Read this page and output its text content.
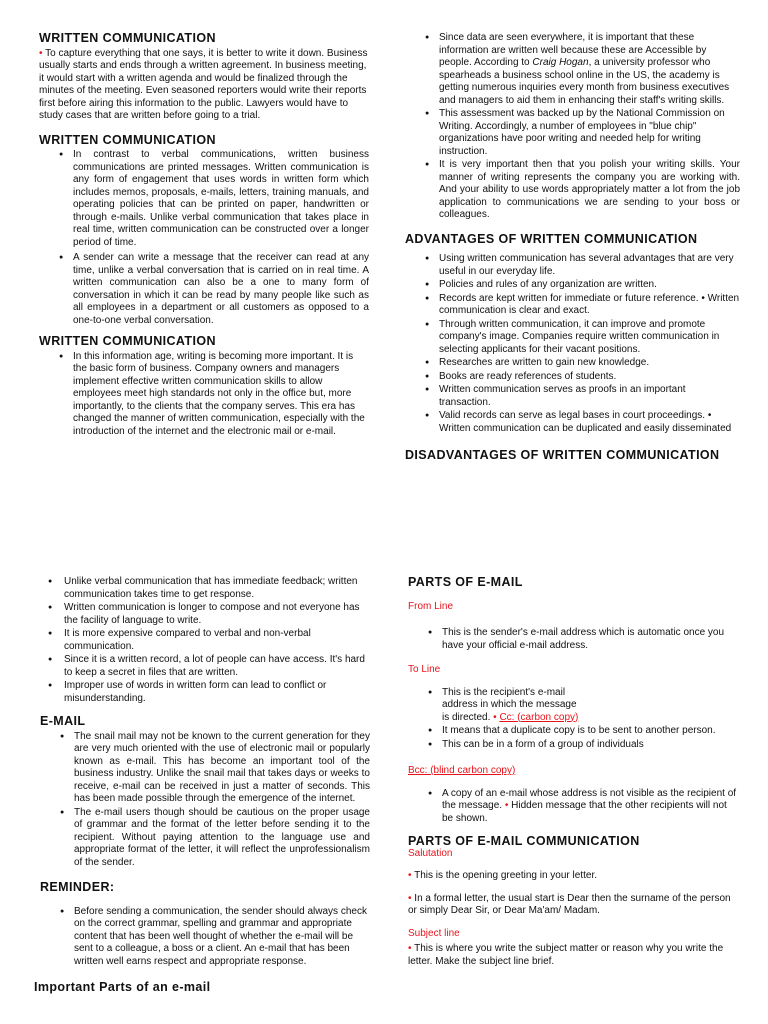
WRITTEN COMMUNICATION

• To capture everything that one says, it is better to write it down. Business usually starts and ends through a written agreement. In business meeting, it would start with a written agenda and would be finalized through the minutes of the meeting. Even seasoned reporters would write their reports first before airing this information to the public. Lawyers would have to study cases that are written before going to a trial.

WRITTEN COMMUNICATION
● In contrast to verbal communications, written business communications are printed messages. Written communication is any form of engagement that uses words in written form which includes memos, proposals, e-mails, letters, training manuals, and operating policies that can be printed on paper, handwritten or through e-mails. Unlike verbal communication that takes place in real time, written communication can be constructed over a longer period of time.
● A sender can write a message that the receiver can read at any time, unlike a verbal conversation that is carried on in real time. A written communication can also be a one to many form of conversation in which it can be read by many people like such as all employees in a department or all customers as opposed to a one-to-one verbal conversation.
WRITTEN COMMUNICATION
● In this information age, writing is becoming more important. It is the basic form of business. Company owners and managers implement effective written communication skills to allow employees meet high standards not only in the office but, more importantly, to the clients that the company serves. This era has changed the manner of written communication, especially with the introduction of the internet and the electronic mail or e-mail.
● Since data are seen everywhere, it is important that these information are written well because these are Accessible by people. According to Craig Hogan, a university professor who spearheads a business school online in the US, the academy is getting numerous inquiries every month from business executives and managers to aid them in enhancing their staff's writing skills.
● This assessment was backed up by the National Commission on Writing. Accordingly, a number of employees in "blue chip" organizations have poor writing and needed help for writing instruction.
● It is very important then that you polish your writing skills. Your manner of writing represents the company you are working with. And your ability to use words appropriately matter a lot from the job application to communications we are sending to your boss or colleagues.
ADVANTAGES OF WRITTEN COMMUNICATION
● Using written communication has several advantages that are very useful in our everyday life.
● Policies and rules of any organization are written.
● Records are kept written for immediate or future reference. • Written communication is clear and exact.
● Through written communication, it can improve and promote company's image. Companies require written communication in selecting applicants for their vacant positions.
● Researches are written to gain new knowledge.
● Books are ready references of students.
● Written communication serves as proofs in an important transaction.
● Valid records can serve as legal bases in court proceedings. • Written communication can be duplicated and easily disseminated
DISADVANTAGES OF WRITTEN COMMUNICATION
● Unlike verbal communication that has immediate feedback; written communication takes time to get response.
● Written communication is longer to compose and not everyone has the facility of language to write.
● It is more expensive compared to verbal and non-verbal communication.
● Since it is a written record, a lot of people can have access. It's hard to keep a secret in files that are written.
● Improper use of words in written form can lead to conflict or misunderstanding.
E-MAIL
● The snail mail may not be known to the current generation for they are very much oriented with the use of electronic mail or popularly known as e-mail. This has become an important tool of the business industry. Unlike the snail mail that takes days or weeks to receive, e-mail can be received in just a matter of seconds. This has been made possible through the emergence of the internet.
● The e-mail users though should be cautious on the proper usage of grammar and the format of the letter before sending it to the recipient. Without paying attention to the language use and appropriate format of the letter, it will reflect the unprofessionalism of the sender.
REMINDER:
● Before sending a communication, the sender should always check on the correct grammar, spelling and grammar and appropriate content that has been well thought of whether the e-mail will be sent to a colleague, a boss or a client. An e-mail that has been written well earns respect and appropriate response.
Important Parts of an e-mail
PARTS OF E-MAIL

From Line

● This is the sender's e-mail address which is automatic once you have your official e-mail address.

To Line

● This is the recipient's e-mail address in which the message is directed. • Cc: (carbon copy)
● It means that a duplicate copy is to be sent to another person.
● This can be in a form of a group of individuals

Bcc: (blind carbon copy)

● A copy of an e-mail whose address is not visible as the recipient of the message. • Hidden message that the other recipients will not be shown.
PARTS OF E-MAIL COMMUNICATION

Salutation

• This is the opening greeting in your letter.

• In a formal letter, the usual start is Dear then the surname of the person or simply Dear Sir, or Dear Ma'am/ Madam.

Subject line

• This is where you write the subject matter or reason why you write the letter. Make the subject line brief.
